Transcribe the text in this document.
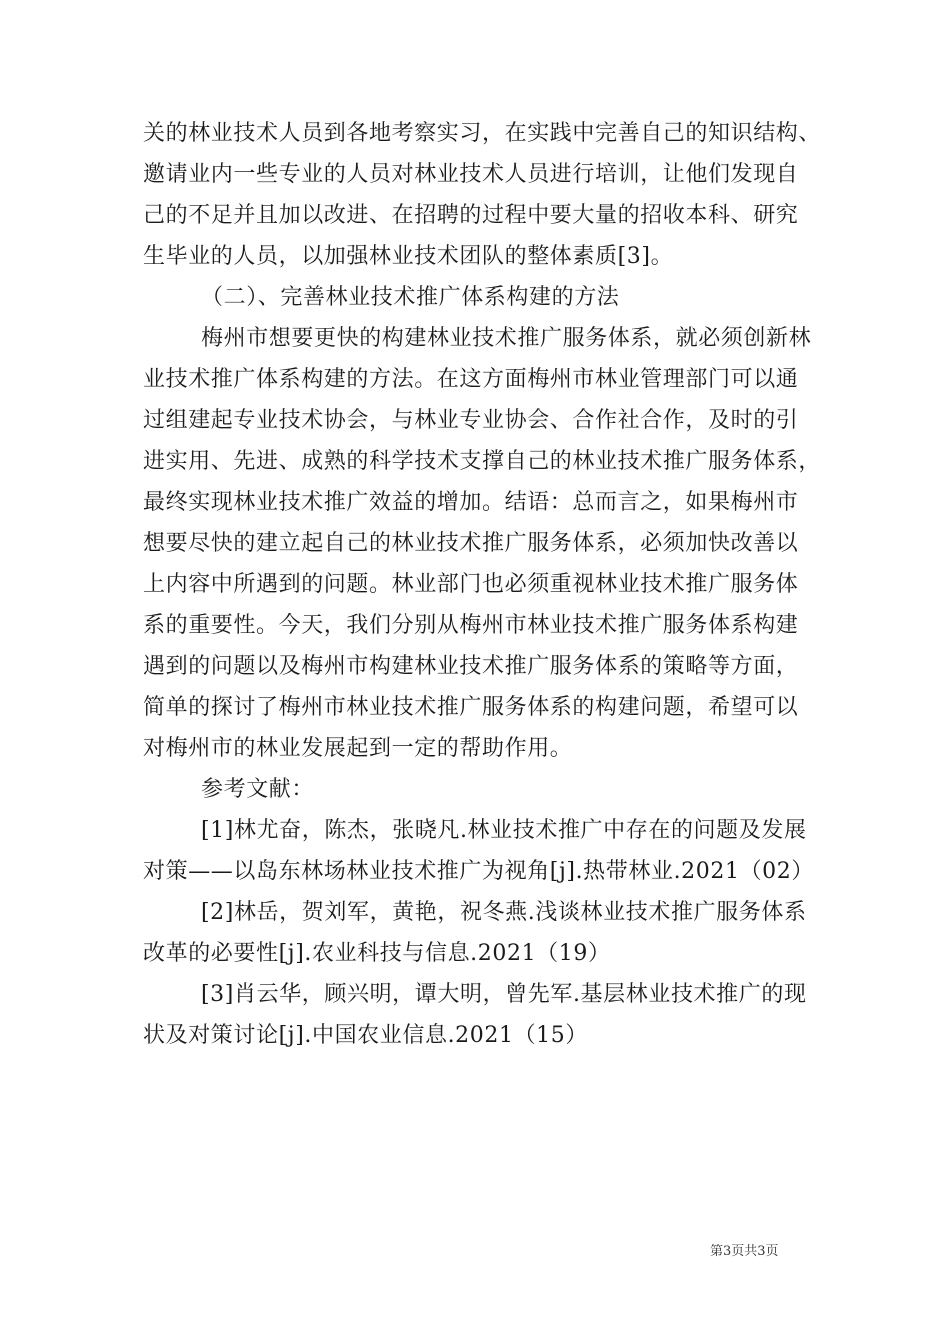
关的林业技术人员到各地考察实习，在实践中完善自己的知识结构、
邀请业内一些专业的人员对林业技术人员进行培训，让他们发现自
己的不足并且加以改进、在招聘的过程中要大量的招收本科、研究
生毕业的人员，以加强林业技术团队的整体素质[3]。
（二）、完善林业技术推广体系构建的方法
梅州市想要更快的构建林业技术推广服务体系，就必须创新林
业技术推广体系构建的方法。在这方面梅州市林业管理部门可以通
过组建起专业技术协会，与林业专业协会、合作社合作，及时的引
进实用、先进、成熟的科学技术支撑自己的林业技术推广服务体系，
最终实现林业技术推广效益的增加。结语：总而言之，如果梅州市
想要尽快的建立起自己的林业技术推广服务体系，必须加快改善以
上内容中所遇到的问题。林业部门也必须重视林业技术推广服务体
系的重要性。今天，我们分别从梅州市林业技术推广服务体系构建
遇到的问题以及梅州市构建林业技术推广服务体系的策略等方面，
简单的探讨了梅州市林业技术推广服务体系的构建问题，希望可以
对梅州市的林业发展起到一定的帮助作用。
参考文献：
[1]林尤奋，陈杰，张晓凡.林业技术推广中存在的问题及发展
对策——以岛东林场林业技术推广为视角[j].热带林业.2021（02）
[2]林岳，贺刘军，黄艳，祝冬燕.浅谈林业技术推广服务体系
改革的必要性[j].农业科技与信息.2021（19）
[3]肖云华，顾兴明，谭大明，曾先军.基层林业技术推广的现
状及对策讨论[j].中国农业信息.2021（15）
第3页共3页
